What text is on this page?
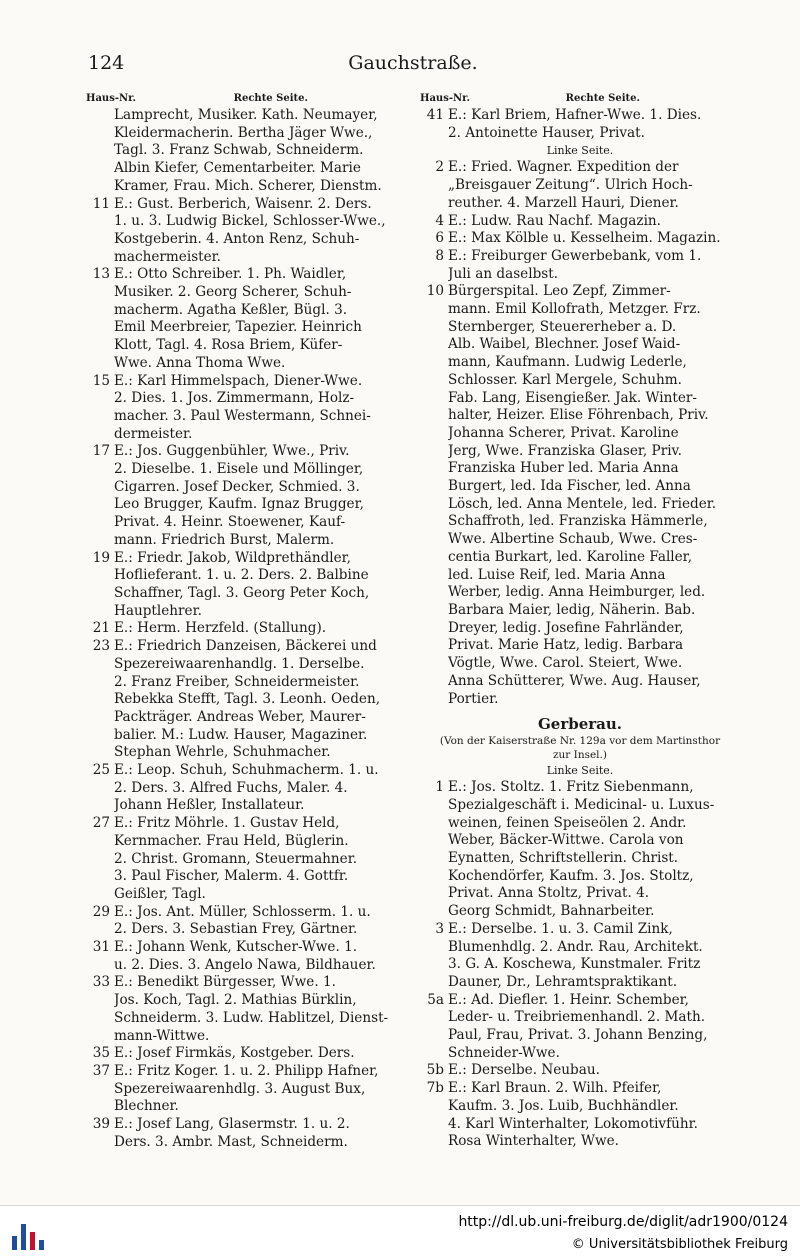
124	Gauchstraße.
Haus-Nr.	Rechte Seite.
Lamprecht, Musiker. Kath. Neumayer,
Kleidermacherin. Bertha Jäger Wwe.,
Tagl. 3. Franz Schwab, Schneiderm.
Albin Kiefer, Cementarbeiter. Marie
Kramer, Frau. Mich. Scherer, Dienstm.
11 E.: Gust. Berberich, Waisenr. 2. Ders.
1. u. 3. Ludwig Bickel, Schlosser-Wwe.,
Kostgeberin. 4. Anton Renz, Schuh-
machermeister.
13 E.: Otto Schreiber. 1. Ph. Waidler,
Musiker. 2. Georg Scherer, Schuh-
macherm. Agatha Keßler, Bügl. 3.
Emil Meerbreier, Tapezier. Heinrich
Klott, Tagl. 4. Rosa Briem, Küfer-
Wwe. Anna Thoma Wwe.
15 E.: Karl Himmelspach, Diener-Wwe.
2. Dies. 1. Jos. Zimmermann, Holz-
macher. 3. Paul Westermann, Schnei-
dermeister.
17 E.: Jos. Guggenbühler, Wwe., Priv.
2. Dieselbe. 1. Eisele und Möllinger,
Cigarren. Josef Decker, Schmied. 3.
Leo Brugger, Kaufm. Ignaz Brugger,
Privat. 4. Heinr. Stoewener, Kauf-
mann. Friedrich Burst, Malerm.
19 E.: Friedr. Jakob, Wildprethändler,
Hoflieferant. 1. u. 2. Ders. 2. Balbine
Schaffner, Tagl. 3. Georg Peter Koch,
Hauptlehrer.
21 E.: Herm. Herzfeld. (Stallung).
23 E.: Friedrich Danzeisen, Bäckerei und
Spezereiwaarenhandlg. 1. Derselbe.
2. Franz Freiber, Schneidermeister.
Rebekka Stefft, Tagl. 3. Leonh. Oeden,
Packträger. Andreas Weber, Maurer-
balier. M.: Ludw. Hauser, Magaziner.
Stephan Wehrle, Schuhmacher.
25 E.: Leop. Schuh, Schuhmacherm. 1. u.
2. Ders. 3. Alfred Fuchs, Maler. 4.
Johann Heßler, Installateur.
27 E.: Fritz Möhrle. 1. Gustav Held,
Kernmacher. Frau Held, Büglerin.
2. Christ. Gromann, Steuermahner.
3. Paul Fischer, Malerm. 4. Gottfr.
Geißler, Tagl.
29 E.: Jos. Ant. Müller, Schlosserm. 1. u.
2. Ders. 3. Sebastian Frey, Gärtner.
31 E.: Johann Wenk, Kutscher-Wwe. 1.
u. 2. Dies. 3. Angelo Nawa, Bildhauer.
33 E.: Benedikt Bürgesser, Wwe. 1.
Jos. Koch, Tagl. 2. Mathias Bürklin,
Schneiderm. 3. Ludw. Hablitzel, Dienst-
mann-Wittwe.
35 E.: Josef Firmkäs, Kostgeber. Ders.
37 E.: Fritz Koger. 1. u. 2. Philipp Hafner,
Spezereiwaarenhdlg. 3. August Bux,
Blechner.
39 E.: Josef Lang, Glasermstr. 1. u. 2.
Ders. 3. Ambr. Mast, Schneiderm.
Haus-Nr.	Rechte Seite.
41 E.: Karl Briem, Hafner-Wwe. 1. Dies.
2. Antoinette Hauser, Privat.
Linke Seite.
2 E.: Fried. Wagner. Expedition der
„Breisgauer Zeitung“. Ulrich Hoch-
reuther. 4. Marzell Hauri, Diener.
4 E.: Ludw. Rau Nachf. Magazin.
6 E.: Max Kölble u. Kesselheim. Magazin.
8 E.: Freiburger Gewerbebank, vom 1.
Juli an daselbst.
10 Bürgerspital. Leo Zepf, Zimmer-
mann. Emil Kollofrath, Metzger. Frz.
Sternberger, Steuererheber a. D.
Alb. Waibel, Blechner. Josef Waid-
mann, Kaufmann. Ludwig Lederle,
Schlosser. Karl Mergele, Schuhm.
Fab. Lang, Eisengießer. Jak. Winter-
halter, Heizer. Elise Föhrenbach, Priv.
Johanna Scherer, Privat. Karoline
Jerg, Wwe. Franziska Glaser, Priv.
Franziska Huber led. Maria Anna
Burgert, led. Ida Fischer, led. Anna
Lösch, led. Anna Mentele, led. Frieder.
Schaffroth, led. Franziska Hämmerle,
Wwe. Albertine Schaub, Wwe. Cres-
centia Burkart, led. Karoline Faller,
led. Luise Reif, led. Maria Anna
Werber, ledig. Anna Heimburger, led.
Barbara Maier, ledig, Näherin. Bab.
Dreyer, ledig. Josefine Fahrländer,
Privat. Marie Hatz, ledig. Barbara
Vögtle, Wwe. Carol. Steiert, Wwe.
Anna Schütterer, Wwe. Aug. Hauser,
Portier.
Gerberau.
(Von der Kaiserstraße Nr. 129a vor dem Martinsthor
zur Insel.)
Linke Seite.
1 E.: Jos. Stoltz. 1. Fritz Siebenmann,
Spezialgeschäft i. Medicinal- u. Luxus-
weinen, feinen Speiseölen 2. Andr.
Weber, Bäcker-Wittwe. Carola von
Eynatten, Schriftstellerin. Christ.
Kochendörfer, Kaufm. 3. Jos. Stoltz,
Privat. Anna Stoltz, Privat. 4.
Georg Schmidt, Bahnarbeiter.
3 E.: Derselbe. 1. u. 3. Camil Zink,
Blumenhdlg. 2. Andr. Rau, Architekt.
3. G. A. Koschewa, Kunstmaler. Fritz
Dauner, Dr., Lehramtspraktikant.
5a E.: Ad. Diefler. 1. Heinr. Schember,
Leder- u. Treibriemenhandl. 2. Math.
Paul, Frau, Privat. 3. Johann Benzing,
Schneider-Wwe.
5b E.: Derselbe. Neubau.
7b E.: Karl Braun. 2. Wilh. Pfeifer,
Kaufm. 3. Jos. Luib, Buchhändler.
4. Karl Winterhalter, Lokomotivführ.
Rosa Winterhalter, Wwe.
http://dl.ub.uni-freiburg.de/diglit/adr1900/0124
© Universitätsbibliothek Freiburg
